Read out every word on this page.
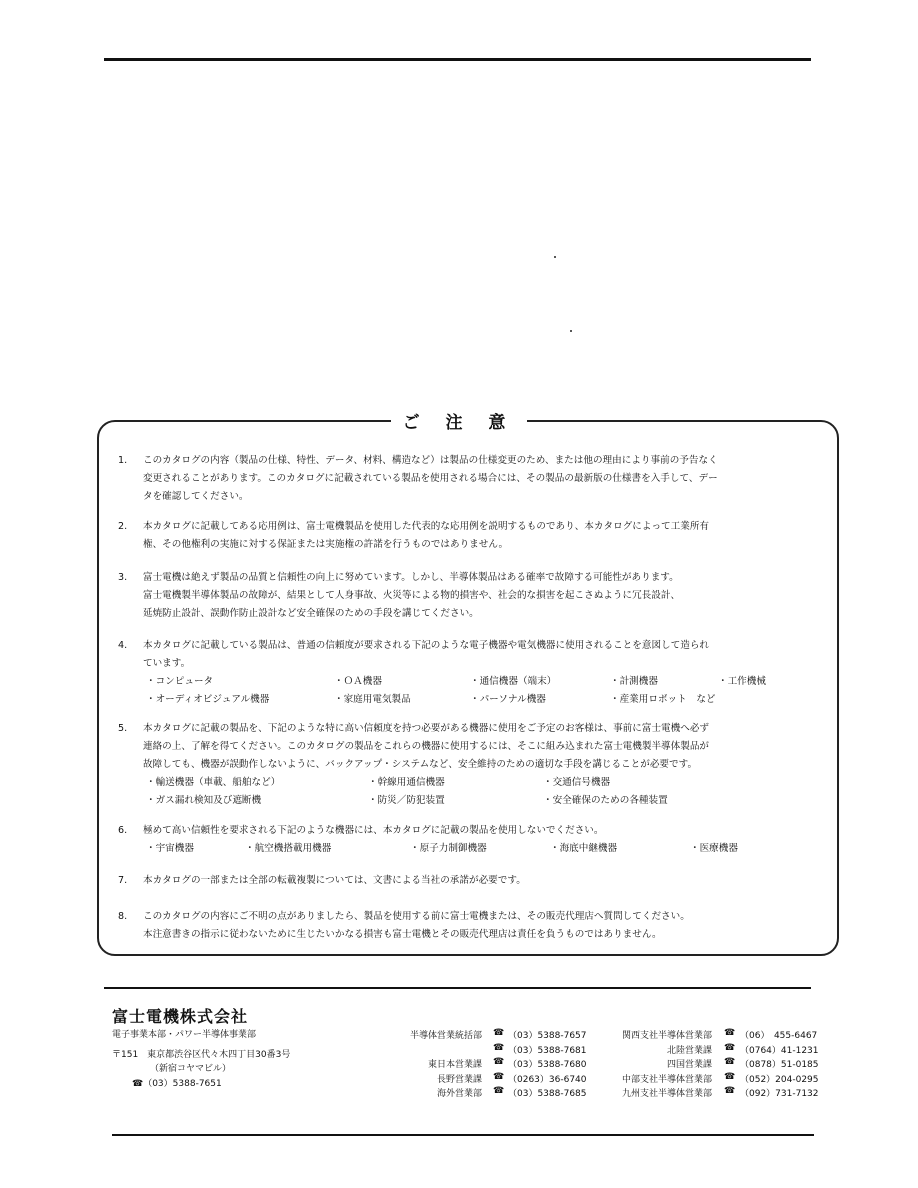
ご 注 意
1.	このカタログの内容（製品の仕様、特性、データ、材料、構造など）は製品の仕様変更のため、または他の理由により事前の予告なく
変更されることがあります。このカタログに記載されている製品を使用される場合には、その製品の最新版の仕様書を入手して、デー
タを確認してください。
2.	本カタログに記載してある応用例は、富士電機製品を使用した代表的な応用例を説明するものであり、本カタログによって工業所有
権、その他権利の実施に対する保証または実施権の許諾を行うものではありません。
3.	富士電機は絶えず製品の品質と信頼性の向上に努めています。しかし、半導体製品はある確率で故障する可能性があります。
富士電機製半導体製品の故障が、結果として人身事故、火災等による物的損害や、社会的な損害を起こさぬように冗長設計、
延焼防止設計、誤動作防止設計など安全確保のための手段を講じてください。
4.	本カタログに記載している製品は、普通の信頼度が要求される下記のような電子機器や電気機器に使用されることを意図して造られ
ています。
・コンピュータ	・ＯＡ機器	・通信機器（端末）	・計測機器	・工作機械
・オーディオビジュアル機器	・家庭用電気製品	・パーソナル機器	・産業用ロボット　など
5.	本カタログに記載の製品を、下記のような特に高い信頼度を持つ必要がある機器に使用をご予定のお客様は、事前に富士電機へ必ず
連絡の上、了解を得てください。このカタログの製品をこれらの機器に使用するには、そこに組み込まれた富士電機製半導体製品が
故障しても、機器が誤動作しないように、バックアップ・システムなど、安全維持のための適切な手段を講じることが必要です。
・輸送機器（車載、船舶など）	・幹線用通信機器	・交通信号機器
・ガス漏れ検知及び遮断機	・防災／防犯装置	・安全確保のための各種装置
6.	極めて高い信頼性を要求される下記のような機器には、本カタログに記載の製品を使用しないでください。
・宇宙機器	・航空機搭載用機器	・原子力制御機器	・海底中継機器	・医療機器
7.	本カタログの一部または全部の転載複製については、文書による当社の承諾が必要です。
8.	このカタログの内容にご不明の点がありましたら、製品を使用する前に富士電機または、その販売代理店へ質問してください。
本注意書きの指示に従わないために生じたいかなる損害も富士電機とその販売代理店は責任を負うものではありません。
富士電機株式会社
電子事業本部・パワー半導体事業部
〒151　東京都渋谷区代々木四丁目30番3号
（新宿コヤマビル）
☎（03）5388-7651
半導体営業統括部 ☎ （03）5388-7657
☎ （03）5388-7681
東日本営業課 ☎ （03）5388-7680
長野営業課 ☎ （0263）36-6740
海外営業部 ☎ （03）5388-7685
関西支社半導体営業部 ☎ （06）　455-6467
北陸営業課 ☎ （0764）41-1231
四国営業課 ☎ （0878）51-0185
中部支社半導体営業部 ☎ （052）204-0295
九州支社半導体営業部 ☎ （092）731-7132
